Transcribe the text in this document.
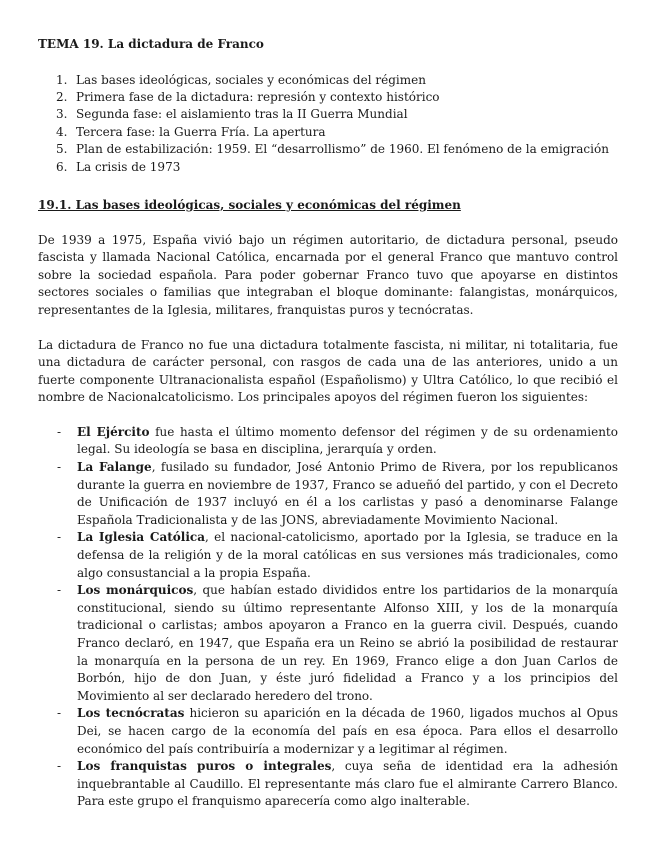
TEMA 19. La dictadura de Franco
1. Las bases ideológicas, sociales y económicas del régimen
2. Primera fase de la dictadura: represión y contexto histórico
3. Segunda fase: el aislamiento tras la II Guerra Mundial
4. Tercera fase: la Guerra Fría. La apertura
5. Plan de estabilización: 1959. El “desarrollismo” de 1960. El fenómeno de la emigración
6. La crisis de 1973
19.1. Las bases ideológicas, sociales y económicas del régimen

De 1939 a 1975, España vivió bajo un régimen autoritario, de dictadura personal, pseudo fascista y llamada Nacional Católica, encarnada por el general Franco que mantuvo control sobre la sociedad española. Para poder gobernar Franco tuvo que apoyarse en distintos sectores sociales o familias que integraban el bloque dominante: falangistas, monárquicos, representantes de la Iglesia, militares, franquistas puros y tecnócratas.

La dictadura de Franco no fue una dictadura totalmente fascista, ni militar, ni totalitaria, fue una dictadura de carácter personal, con rasgos de cada una de las anteriores, unido a un fuerte componente Ultranacionalista español (Españolismo) y Ultra Católico, lo que recibió el nombre de Nacionalcatolicismo. Los principales apoyos del régimen fueron los siguientes:

- El Ejército fue hasta el último momento defensor del régimen y de su ordenamiento legal. Su ideología se basa en disciplina, jerarquía y orden.
- La Falange, fusilado su fundador, José Antonio Primo de Rivera, por los republicanos durante la guerra en noviembre de 1937, Franco se adueñó del partido, y con el Decreto de Unificación de 1937 incluyó en él a los carlistas y pasó a denominarse Falange Española Tradicionalista y de las JONS, abreviadamente Movimiento Nacional.
- La Iglesia Católica, el nacional-catolicismo, aportado por la Iglesia, se traduce en la defensa de la religión y de la moral católicas en sus versiones más tradicionales, como algo consustancial a la propia España.
- Los monárquicos, que habían estado divididos entre los partidarios de la monarquía constitucional, siendo su último representante Alfonso XIII, y los de la monarquía tradicional o carlistas; ambos apoyaron a Franco en la guerra civil. Después, cuando Franco declaró, en 1947, que España era un Reino se abrió la posibilidad de restaurar la monarquía en la persona de un rey. En 1969, Franco elige a don Juan Carlos de Borbón, hijo de don Juan, y éste juró fidelidad a Franco y a los principios del Movimiento al ser declarado heredero del trono.
- Los tecnócratas hicieron su aparición en la década de 1960, ligados muchos al Opus Dei, se hacen cargo de la economía del país en esa época. Para ellos el desarrollo económico del país contribuiría a modernizar y a legitimar al régimen.
- Los franquistas puros o integrales, cuya seña de identidad era la adhesión inquebrantable al Caudillo. El representante más claro fue el almirante Carrero Blanco. Para este grupo el franquismo aparecería como algo inalterable.
